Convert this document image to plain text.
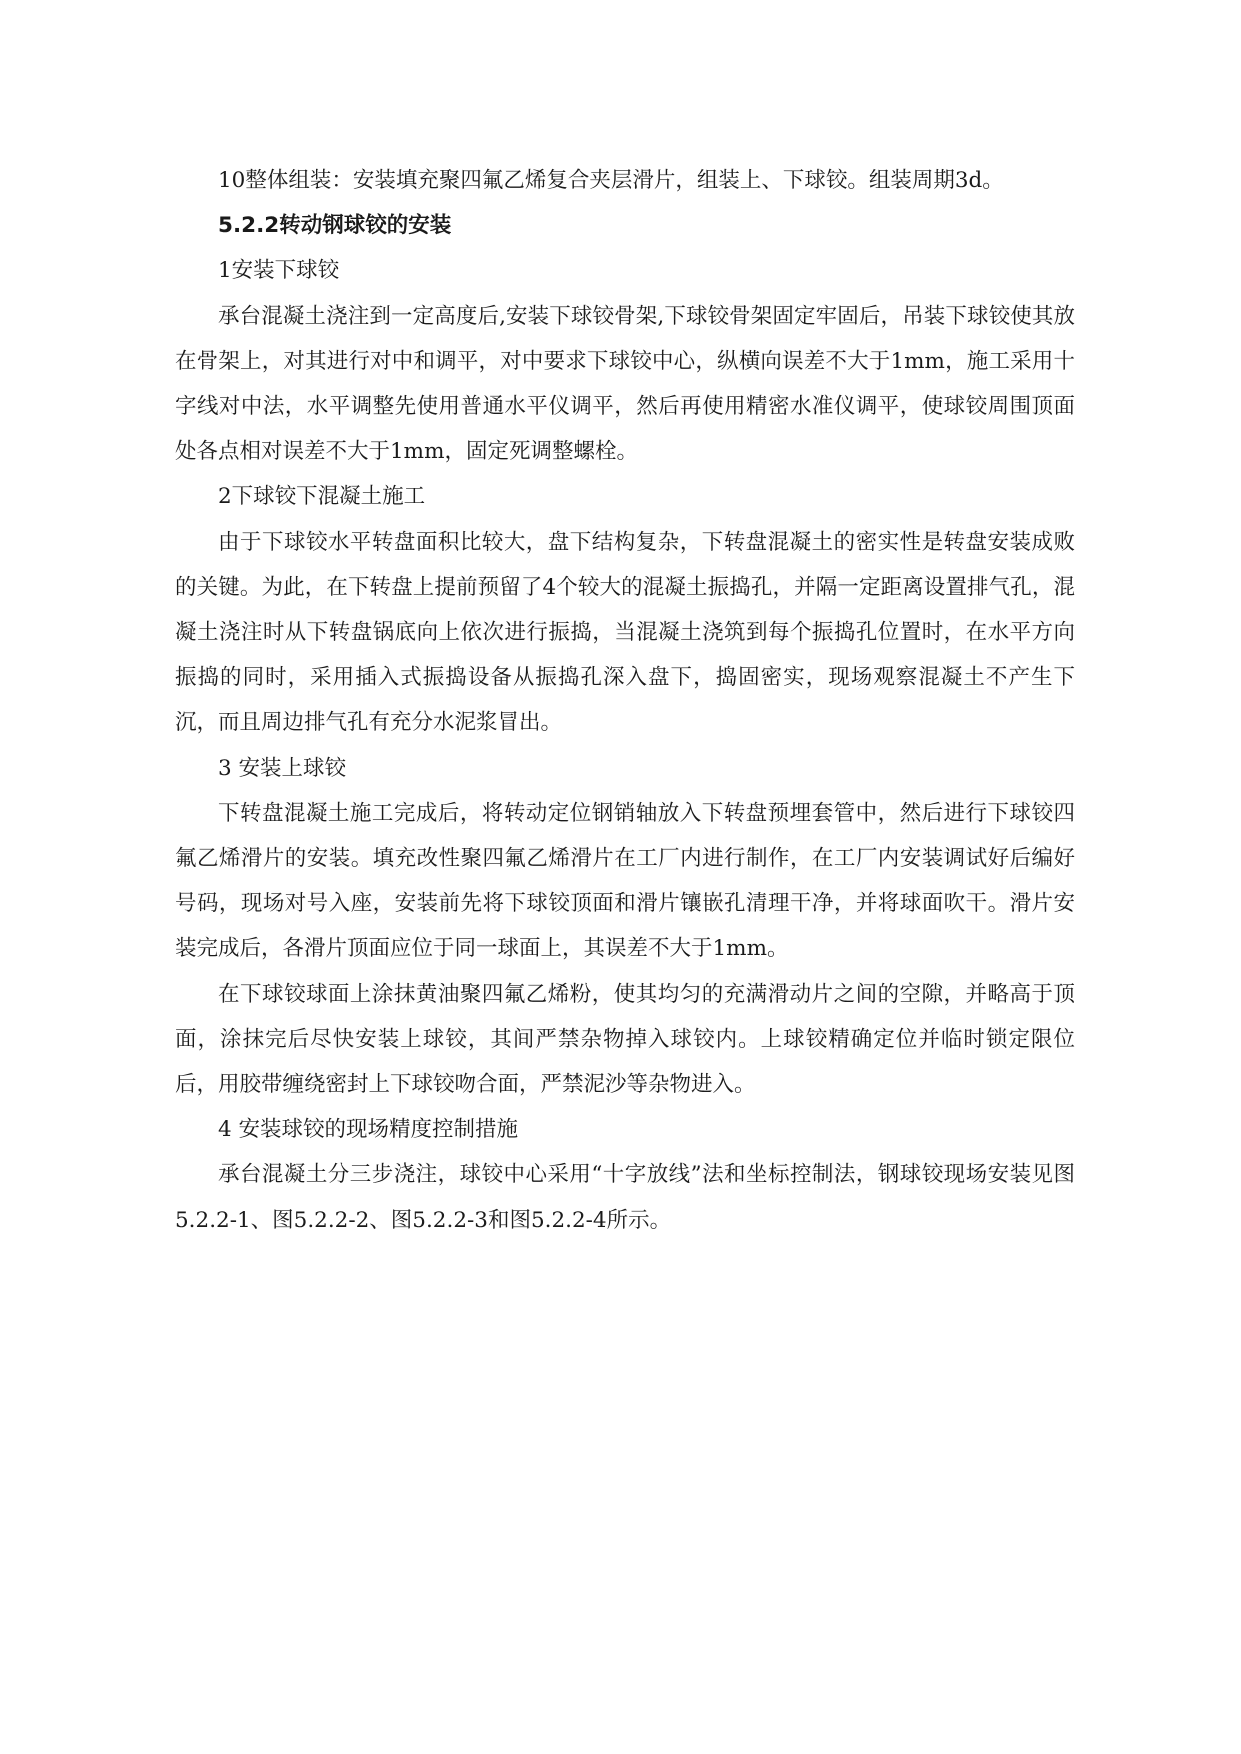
10整体组装：安装填充聚四氟乙烯复合夹层滑片，组装上、下球铰。组装周期3d。

5.2.2转动钢球铰的安装

1安装下球铰

承台混凝土浇注到一定高度后,安装下球铰骨架,下球铰骨架固定牢固后，吊装下球铰使其放在骨架上，对其进行对中和调平，对中要求下球铰中心，纵横向误差不大于1mm，施工采用十字线对中法，水平调整先使用普通水平仪调平，然后再使用精密水准仪调平，使球铰周围顶面处各点相对误差不大于1mm，固定死调整螺栓。

2下球铰下混凝土施工

由于下球铰水平转盘面积比较大，盘下结构复杂，下转盘混凝土的密实性是转盘安装成败的关键。为此，在下转盘上提前预留了4个较大的混凝土振捣孔，并隔一定距离设置排气孔，混凝土浇注时从下转盘锅底向上依次进行振捣，当混凝土浇筑到每个振捣孔位置时，在水平方向振捣的同时，采用插入式振捣设备从振捣孔深入盘下，捣固密实，现场观察混凝土不产生下沉，而且周边排气孔有充分水泥浆冒出。

3 安装上球铰

下转盘混凝土施工完成后，将转动定位钢销轴放入下转盘预埋套管中，然后进行下球铰四氟乙烯滑片的安装。填充改性聚四氟乙烯滑片在工厂内进行制作，在工厂内安装调试好后编好号码，现场对号入座，安装前先将下球铰顶面和滑片镶嵌孔清理干净，并将球面吹干。滑片安装完成后，各滑片顶面应位于同一球面上，其误差不大于1mm。

在下球铰球面上涂抹黄油聚四氟乙烯粉，使其均匀的充满滑动片之间的空隙，并略高于顶面，涂抹完后尽快安装上球铰，其间严禁杂物掉入球铰内。上球铰精确定位并临时锁定限位后，用胶带缠绕密封上下球铰吻合面，严禁泥沙等杂物进入。

4 安装球铰的现场精度控制措施

承台混凝土分三步浇注，球铰中心采用“十字放线”法和坐标控制法，钢球铰现场安装见图5.2.2-1、图5.2.2-2、图5.2.2-3和图5.2.2-4所示。
